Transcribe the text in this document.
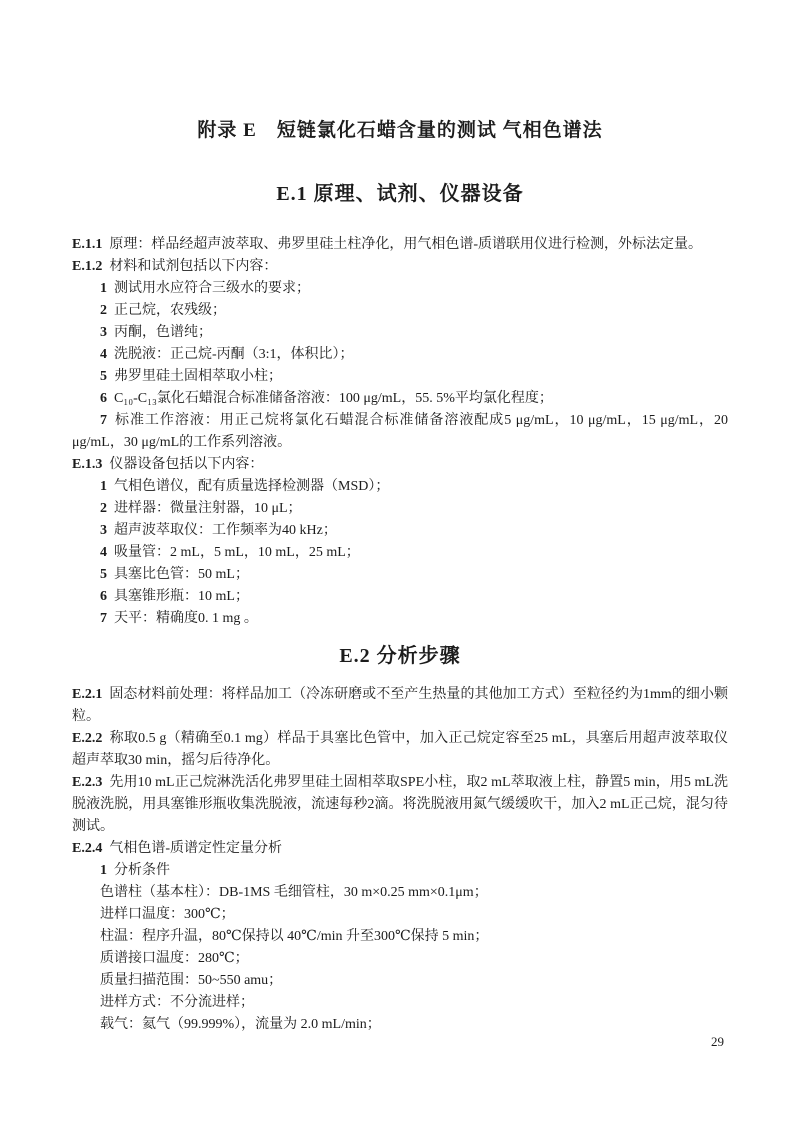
附录 E　短链氯化石蜡含量的测试 气相色谱法
E.1 原理、试剂、仪器设备

E.1.1 原理：样品经超声波萃取、弗罗里硅土柱净化，用气相色谱-质谱联用仪进行检测，外标法定量。

E.1.2 材料和试剂包括以下内容：

1 测试用水应符合三级水的要求；

2 正己烷，农残级；

3 丙酮，色谱纯；

4 洗脱液：正己烷-丙酮（3:1，体积比）；

5 弗罗里硅土固相萃取小柱；

6 C₁₀-C₁₃氯化石蜡混合标准储备溶液：100 μg/mL，55. 5%平均氯化程度；

7 标准工作溶液：用正己烷将氯化石蜡混合标准储备溶液配成5 μg/mL，10 μg/mL，15 μg/mL，20 μg/mL，30 μg/mL的工作系列溶液。

E.1.3 仪器设备包括以下内容：

1 气相色谱仪，配有质量选择检测器（MSD）；

2 进样器：微量注射器，10 μL；

3 超声波萃取仪：工作频率为40 kHz；

4 吸量管：2 mL，5 mL，10 mL，25 mL；

5 具塞比色管：50 mL；

6 具塞锥形瓶：10 mL；

7 天平：精确度0. 1 mg 。

E.2 分析步骤

E.2.1 固态材料前处理：将样品加工（冷冻研磨或不至产生热量的其他加工方式）至粒径约为1mm的细小颗粒。

E.2.2 称取0.5 g（精确至0.1 mg）样品于具塞比色管中，加入正己烷定容至25 mL，具塞后用超声波萃取仪超声萃取30 min，摇匀后待净化。

E.2.3 先用10 mL正己烷淋洗活化弗罗里硅土固相萃取SPE小柱，取2 mL萃取液上柱，静置5 min，用5 mL洗脱液洗脱，用具塞锥形瓶收集洗脱液，流速每秒2滴。将洗脱液用氮气缓缓吹干，加入2 mL正己烷，混匀待测试。

E.2.4 气相色谱-质谱定性定量分析

1 分析条件

色谱柱（基本柱）：DB-1MS 毛细管柱，30 m×0.25 mm×0.1μm；

进样口温度：300℃；

柱温：程序升温，80℃保持以 40℃/min 升至300℃保持 5 min；

质谱接口温度：280℃；

质量扫描范围：50~550 amu；

进样方式：不分流进样；

载气：氦气（99.999%），流量为 2.0 mL/min；

29
